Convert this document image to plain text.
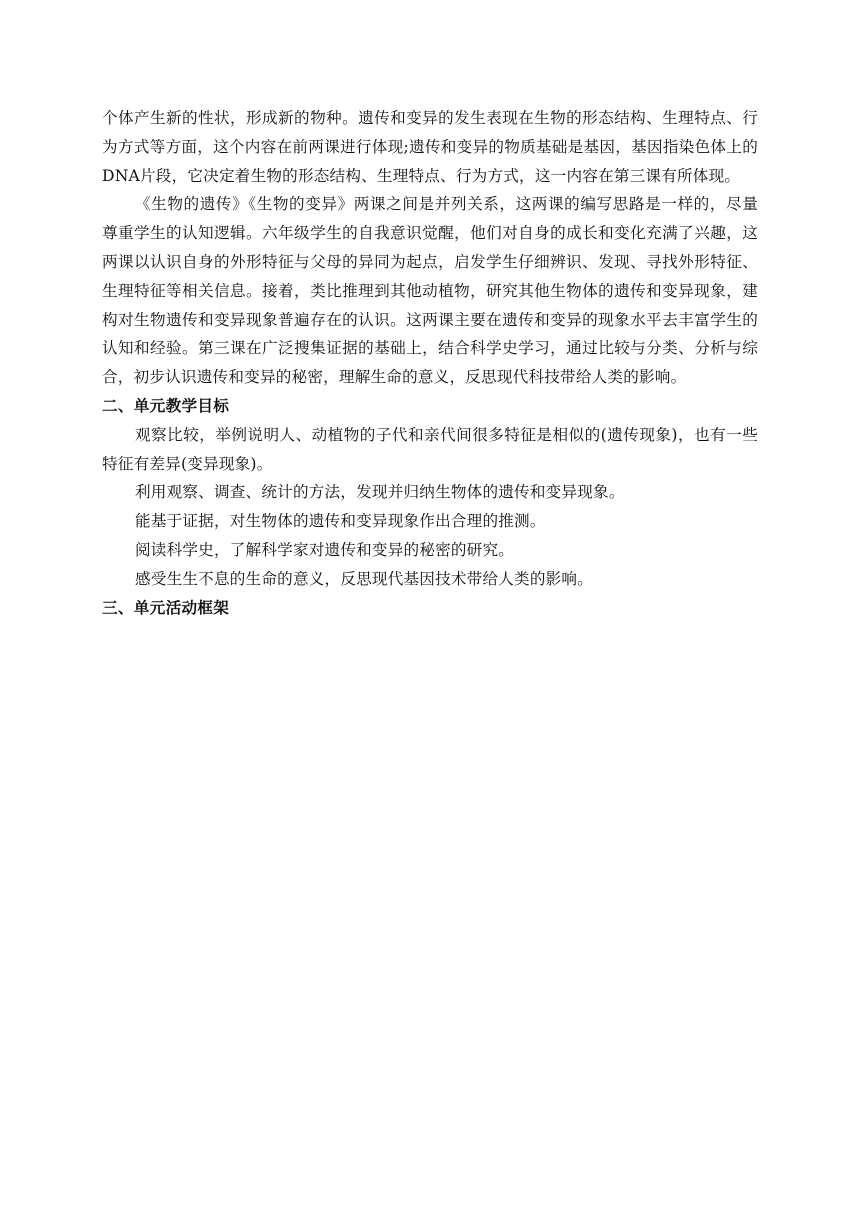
个体产生新的性状，形成新的物种。遗传和变异的发生表现在生物的形态结构、生理特点、行为方式等方面，这个内容在前两课进行体现;遗传和变异的物质基础是基因，基因指染色体上的DNA片段，它决定着生物的形态结构、生理特点、行为方式，这一内容在第三课有所体现。

《生物的遗传》《生物的变异》两课之间是并列关系，这两课的编写思路是一样的，尽量尊重学生的认知逻辑。六年级学生的自我意识觉醒，他们对自身的成长和变化充满了兴趣，这两课以认识自身的外形特征与父母的异同为起点，启发学生仔细辨识、发现、寻找外形特征、生理特征等相关信息。接着，类比推理到其他动植物，研究其他生物体的遗传和变异现象，建构对生物遗传和变异现象普遍存在的认识。这两课主要在遗传和变异的现象水平去丰富学生的认知和经验。第三课在广泛搜集证据的基础上，结合科学史学习，通过比较与分类、分析与综合，初步认识遗传和变异的秘密，理解生命的意义，反思现代科技带给人类的影响。

二、单元教学目标

观察比较，举例说明人、动植物的子代和亲代间很多特征是相似的(遗传现象)，也有一些特征有差异(变异现象)。

利用观察、调查、统计的方法，发现并归纳生物体的遗传和变异现象。

能基于证据，对生物体的遗传和变异现象作出合理的推测。

阅读科学史，了解科学家对遗传和变异的秘密的研究。

感受生生不息的生命的意义，反思现代基因技术带给人类的影响。

三、单元活动框架
